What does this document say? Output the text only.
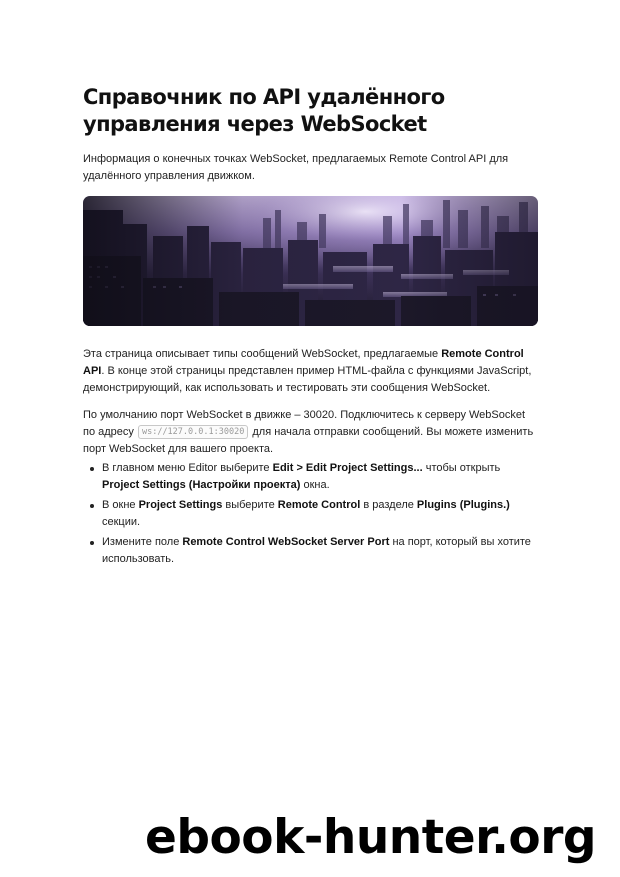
Справочник по API удалённого управления через WebSocket

Информация о конечных точках WebSocket, предлагаемых Remote Control API для удалённого управления движком.

Эта страница описывает типы сообщений WebSocket, предлагаемые Remote Control API. В конце этой страницы представлен пример HTML-файла с функциями JavaScript, демонстрирующий, как использовать и тестировать эти сообщения WebSocket.

По умолчанию порт WebSocket в движке – 30020. Подключитесь к серверу WebSocket по адресу ws://127.0.0.1:30020 для начала отправки сообщений. Вы можете изменить порт WebSocket для вашего проекта.

В главном меню Editor выберите Edit > Edit Project Settings... чтобы открыть Project Settings (Настройки проекта) окна.
В окне Project Settings выберите Remote Control в разделе Plugins (Plugins.) секции.
Измените поле Remote Control WebSocket Server Port на порт, который вы хотите использовать.
ebook-hunter.org
